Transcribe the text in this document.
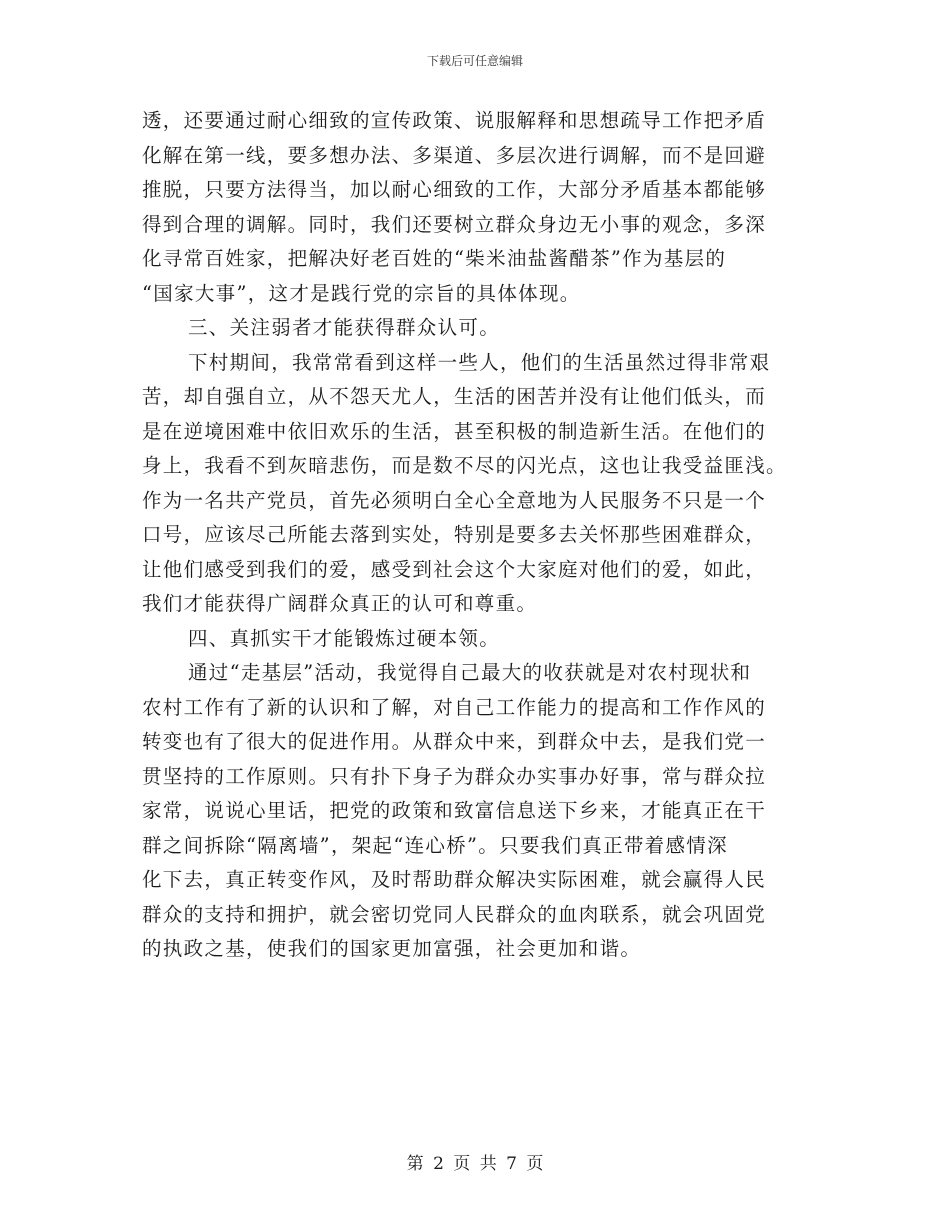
下载后可任意编辑
透，还要通过耐心细致的宣传政策、说服解释和思想疏导工作把矛盾
化解在第一线，要多想办法、多渠道、多层次进行调解，而不是回避
推脱，只要方法得当，加以耐心细致的工作，大部分矛盾基本都能够
得到合理的调解。同时，我们还要树立群众身边无小事的观念，多深
化寻常百姓家，把解决好老百姓的“柴米油盐酱醋茶”作为基层的
“国家大事”，这才是践行党的宗旨的具体体现。
三、关注弱者才能获得群众认可。
下村期间，我常常看到这样一些人，他们的生活虽然过得非常艰
苦，却自强自立，从不怨天尤人，生活的困苦并没有让他们低头，而
是在逆境困难中依旧欢乐的生活，甚至积极的制造新生活。在他们的
身上，我看不到灰暗悲伤，而是数不尽的闪光点，这也让我受益匪浅。
作为一名共产党员，首先必须明白全心全意地为人民服务不只是一个
口号，应该尽己所能去落到实处，特别是要多去关怀那些困难群众，
让他们感受到我们的爱，感受到社会这个大家庭对他们的爱，如此，
我们才能获得广阔群众真正的认可和尊重。
四、真抓实干才能锻炼过硬本领。
通过“走基层”活动，我觉得自己最大的收获就是对农村现状和
农村工作有了新的认识和了解，对自己工作能力的提高和工作作风的
转变也有了很大的促进作用。从群众中来，到群众中去，是我们党一
贯坚持的工作原则。只有扑下身子为群众办实事办好事，常与群众拉
家常，说说心里话，把党的政策和致富信息送下乡来，才能真正在干
群之间拆除“隔离墙”，架起“连心桥”。只要我们真正带着感情深
化下去，真正转变作风，及时帮助群众解决实际困难，就会赢得人民
群众的支持和拥护，就会密切党同人民群众的血肉联系，就会巩固党
的执政之基，使我们的国家更加富强，社会更加和谐。
第 2 页 共 7 页
